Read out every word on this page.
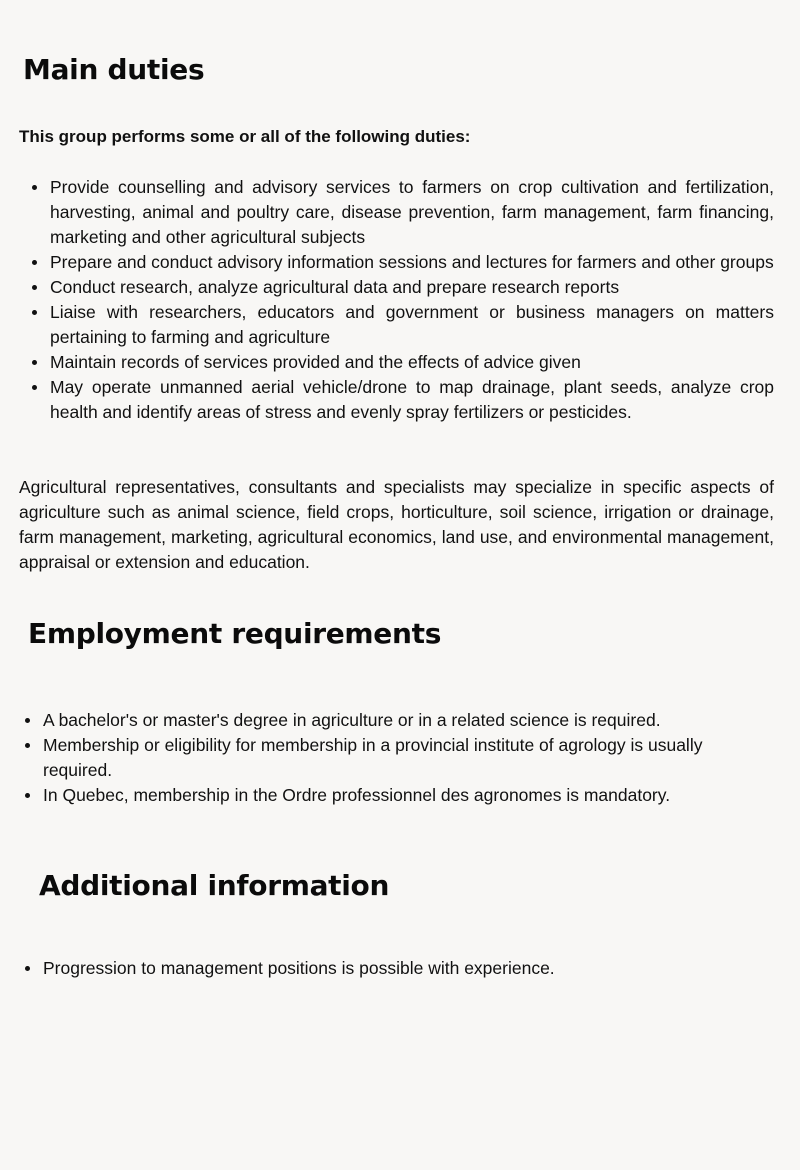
Main duties

This group performs some or all of the following duties:

Provide counselling and advisory services to farmers on crop cultivation and fertilization, harvesting, animal and poultry care, disease prevention, farm management, farm financing, marketing and other agricultural subjects
Prepare and conduct advisory information sessions and lectures for farmers and other groups
Conduct research, analyze agricultural data and prepare research reports
Liaise with researchers, educators and government or business managers on matters pertaining to farming and agriculture
Maintain records of services provided and the effects of advice given
May operate unmanned aerial vehicle/drone to map drainage, plant seeds, analyze crop health and identify areas of stress and evenly spray fertilizers or pesticides.

Agricultural representatives, consultants and specialists may specialize in specific aspects of agriculture such as animal science, field crops, horticulture, soil science, irrigation or drainage, farm management, marketing, agricultural economics, land use, and environmental management, appraisal or extension and education.

Employment requirements
A bachelor's or master's degree in agriculture or in a related science is required.
Membership or eligibility for membership in a provincial institute of agrology is usually required.
In Quebec, membership in the Ordre professionnel des agronomes is mandatory.
Additional information
Progression to management positions is possible with experience.
